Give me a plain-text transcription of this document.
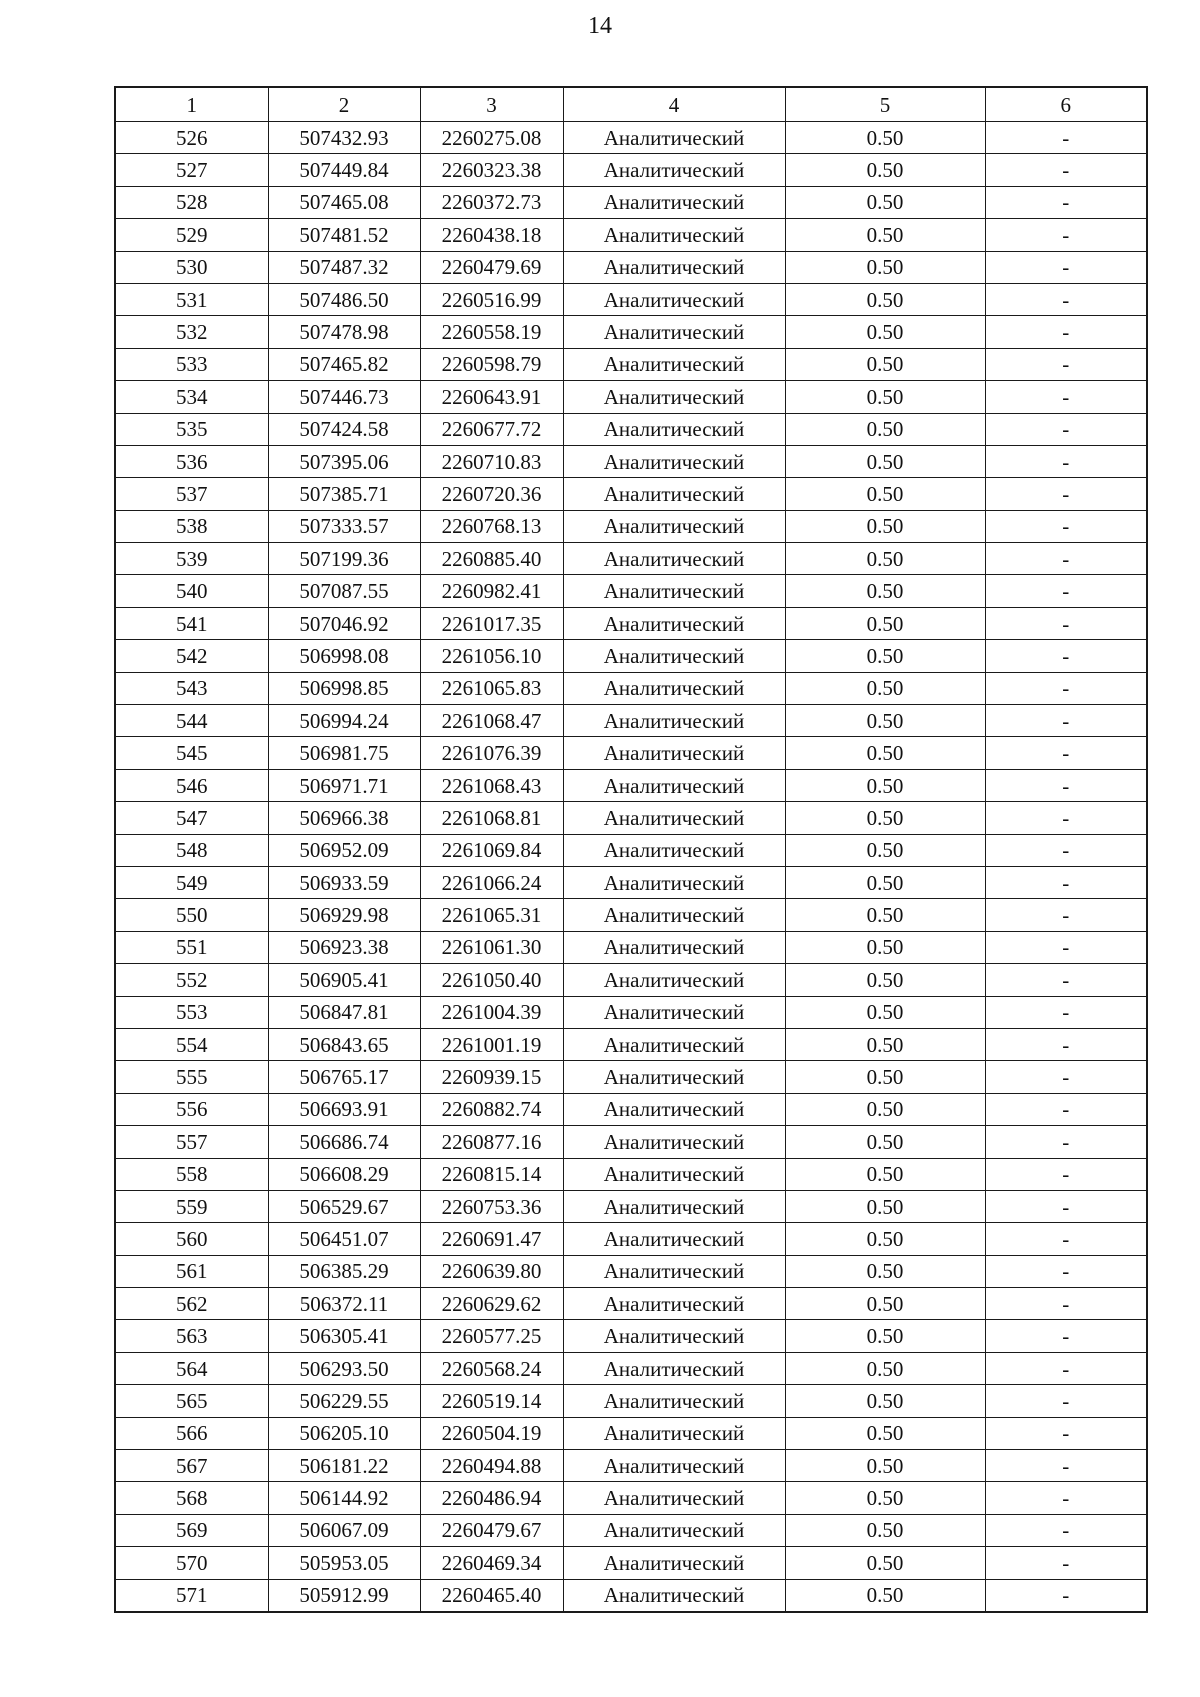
14
1	2	3	4	5	6
526	507432.93	2260275.08	Аналитический	0.50	-
527	507449.84	2260323.38	Аналитический	0.50	-
528	507465.08	2260372.73	Аналитический	0.50	-
529	507481.52	2260438.18	Аналитический	0.50	-
530	507487.32	2260479.69	Аналитический	0.50	-
531	507486.50	2260516.99	Аналитический	0.50	-
532	507478.98	2260558.19	Аналитический	0.50	-
533	507465.82	2260598.79	Аналитический	0.50	-
534	507446.73	2260643.91	Аналитический	0.50	-
535	507424.58	2260677.72	Аналитический	0.50	-
536	507395.06	2260710.83	Аналитический	0.50	-
537	507385.71	2260720.36	Аналитический	0.50	-
538	507333.57	2260768.13	Аналитический	0.50	-
539	507199.36	2260885.40	Аналитический	0.50	-
540	507087.55	2260982.41	Аналитический	0.50	-
541	507046.92	2261017.35	Аналитический	0.50	-
542	506998.08	2261056.10	Аналитический	0.50	-
543	506998.85	2261065.83	Аналитический	0.50	-
544	506994.24	2261068.47	Аналитический	0.50	-
545	506981.75	2261076.39	Аналитический	0.50	-
546	506971.71	2261068.43	Аналитический	0.50	-
547	506966.38	2261068.81	Аналитический	0.50	-
548	506952.09	2261069.84	Аналитический	0.50	-
549	506933.59	2261066.24	Аналитический	0.50	-
550	506929.98	2261065.31	Аналитический	0.50	-
551	506923.38	2261061.30	Аналитический	0.50	-
552	506905.41	2261050.40	Аналитический	0.50	-
553	506847.81	2261004.39	Аналитический	0.50	-
554	506843.65	2261001.19	Аналитический	0.50	-
555	506765.17	2260939.15	Аналитический	0.50	-
556	506693.91	2260882.74	Аналитический	0.50	-
557	506686.74	2260877.16	Аналитический	0.50	-
558	506608.29	2260815.14	Аналитический	0.50	-
559	506529.67	2260753.36	Аналитический	0.50	-
560	506451.07	2260691.47	Аналитический	0.50	-
561	506385.29	2260639.80	Аналитический	0.50	-
562	506372.11	2260629.62	Аналитический	0.50	-
563	506305.41	2260577.25	Аналитический	0.50	-
564	506293.50	2260568.24	Аналитический	0.50	-
565	506229.55	2260519.14	Аналитический	0.50	-
566	506205.10	2260504.19	Аналитический	0.50	-
567	506181.22	2260494.88	Аналитический	0.50	-
568	506144.92	2260486.94	Аналитический	0.50	-
569	506067.09	2260479.67	Аналитический	0.50	-
570	505953.05	2260469.34	Аналитический	0.50	-
571	505912.99	2260465.40	Аналитический	0.50	-
